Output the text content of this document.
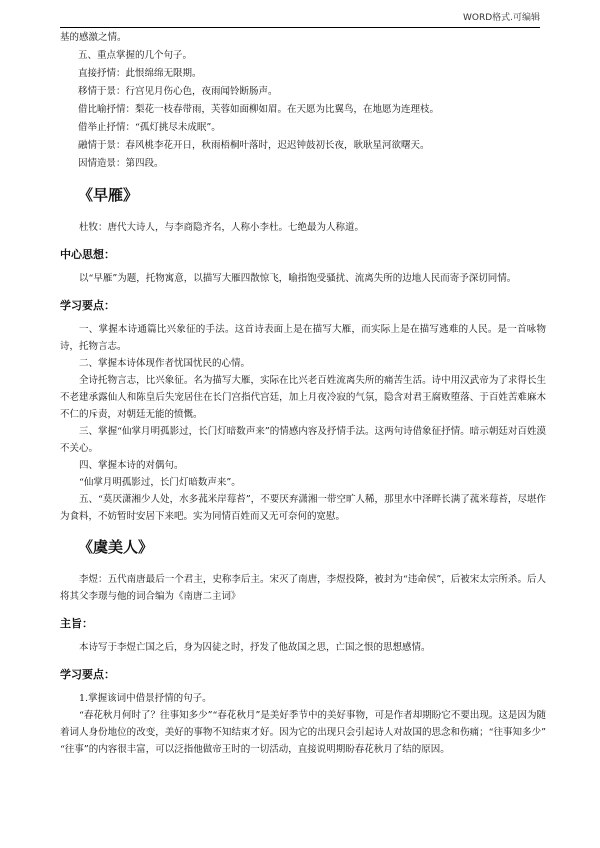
WORD格式.可编辑
基的感激之情。
五、重点掌握的几个句子。
直接抒情：此恨绵绵无限期。
移情于景：行宫见月伤心色，夜雨闻铃断肠声。
借比喻抒情：梨花一枝春带雨，芙蓉如面柳如眉。在天愿为比翼鸟，在地愿为连理枝。
借举止抒情：“孤灯挑尽未成眠”。
融情于景：春风桃李花开日，秋雨梧桐叶落时，迟迟钟鼓初长夜，耿耿星河欲曙天。
因情造景：第四段。
《早雁》

杜牧：唐代大诗人，与李商隐齐名，人称小李杜。七绝最为人称道。

中心思想：

以“早雁”为题，托物寓意，以描写大雁四散惊飞，喻指饱受骚扰、流离失所的边地人民而寄予深切同情。

学习要点：

一、掌握本诗通篇比兴象征的手法。这首诗表面上是在描写大雁，而实际上是在描写逃难的人民。是一首咏物诗，托物言志。

二、掌握本诗体现作者忧国忧民的心情。

全诗托物言志，比兴象征。名为描写大雁，实际在比兴老百姓流离失所的痛苦生活。诗中用汉武帝为了求得长生不老建承露仙人和陈皇后失宠居住在长门宫指代宫廷，加上月夜冷寂的气氛，隐含对君王腐败堕落、于百姓苦难麻木不仁的斥责，对朝廷无能的愤慨。

三、掌握“仙掌月明孤影过，长门灯暗数声来”的情感内容及抒情手法。这两句诗借象征抒情。暗示朝廷对百姓漠不关心。

四、掌握本诗的对偶句。

“仙掌月明孤影过，长门灯暗数声来”。

五、“莫厌潇湘少人处，水多菰米岸莓苔”，不要厌弃潇湘一带空旷人稀，那里水中泽畔长满了菰米莓苔，尽堪作为食料，不妨暂时安居下来吧。实为同情百姓而又无可奈何的宽慰。

《虞美人》

李煜：五代南唐最后一个君主，史称李后主。宋灭了南唐，李煜投降，被封为“违命侯”，后被宋太宗所杀。后人将其父李璟与他的词合编为《南唐二主词》

主旨：

本诗写于李煜亡国之后，身为囚徒之时，抒发了他故国之思，亡国之恨的思想感情。

学习要点：

1.掌握该词中借景抒情的句子。

“春花秋月何时了？往事知多少”“春花秋月”是美好季节中的美好事物，可是作者却期盼它不要出现。这是因为随着词人身份地位的改变，美好的事物不知结束才好。因为它的出现只会引起诗人对故国的思念和伤痛；“往事知多少” “往事”的内容很丰富，可以泛指他做帝王时的一切活动，直接说明期盼春花秋月了结的原因。
